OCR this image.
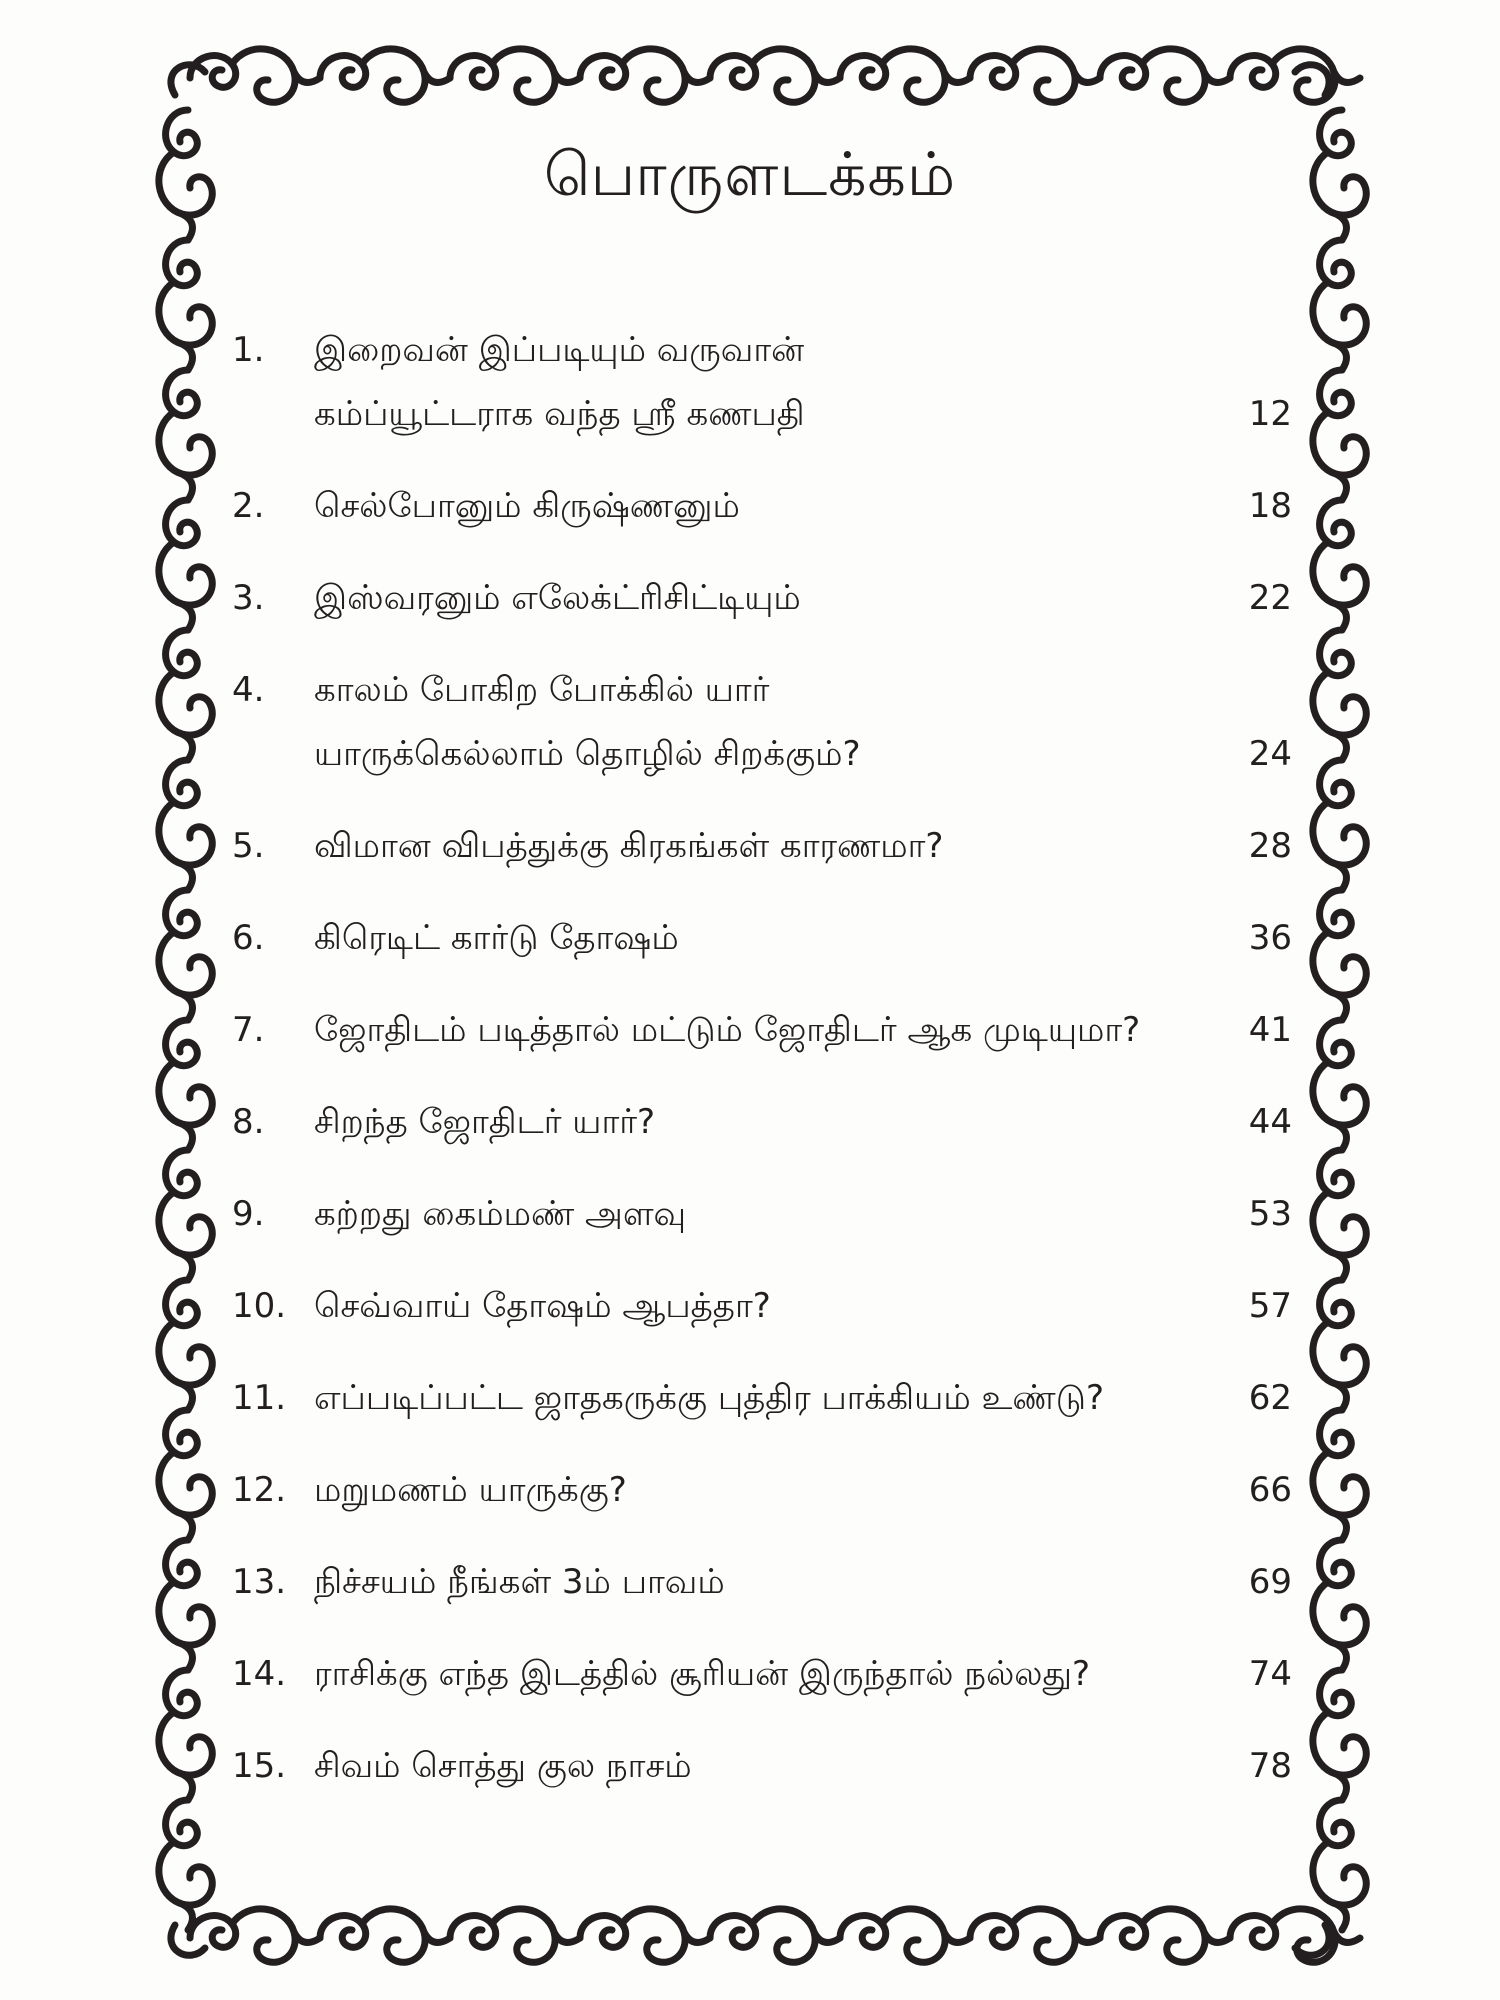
பொருளடக்கம்
1.	இறைவன் இப்படியும் வருவான்
கம்ப்யூட்டராக வந்த ஸ்ரீ கணபதி	12
2.	செல்போனும் கிருஷ்ணனும்	18
3.	இஸ்வரனும் எலேக்ட்ரிசிட்டியும்	22
4.	காலம் போகிற போக்கில் யார்
யாருக்கெல்லாம் தொழில் சிறக்கும்?	24
5.	விமான விபத்துக்கு கிரகங்கள் காரணமா?	28
6.	கிரெடிட் கார்டு தோஷம்	36
7.	ஜோதிடம் படித்தால் மட்டும் ஜோதிடர் ஆக முடியுமா?	41
8.	சிறந்த ஜோதிடர் யார்?	44
9.	கற்றது கைம்மண் அளவு	53
10. செவ்வாய் தோஷம் ஆபத்தா?	57
11. எப்படிப்பட்ட ஜாதகருக்கு புத்திர பாக்கியம் உண்டு?	62
12. மறுமணம் யாருக்கு?	66
13. நிச்சயம் நீங்கள் 3ம் பாவம்	69
14. ராசிக்கு எந்த இடத்தில் சூரியன் இருந்தால் நல்லது?	74
15. சிவம் சொத்து குல நாசம்	78
